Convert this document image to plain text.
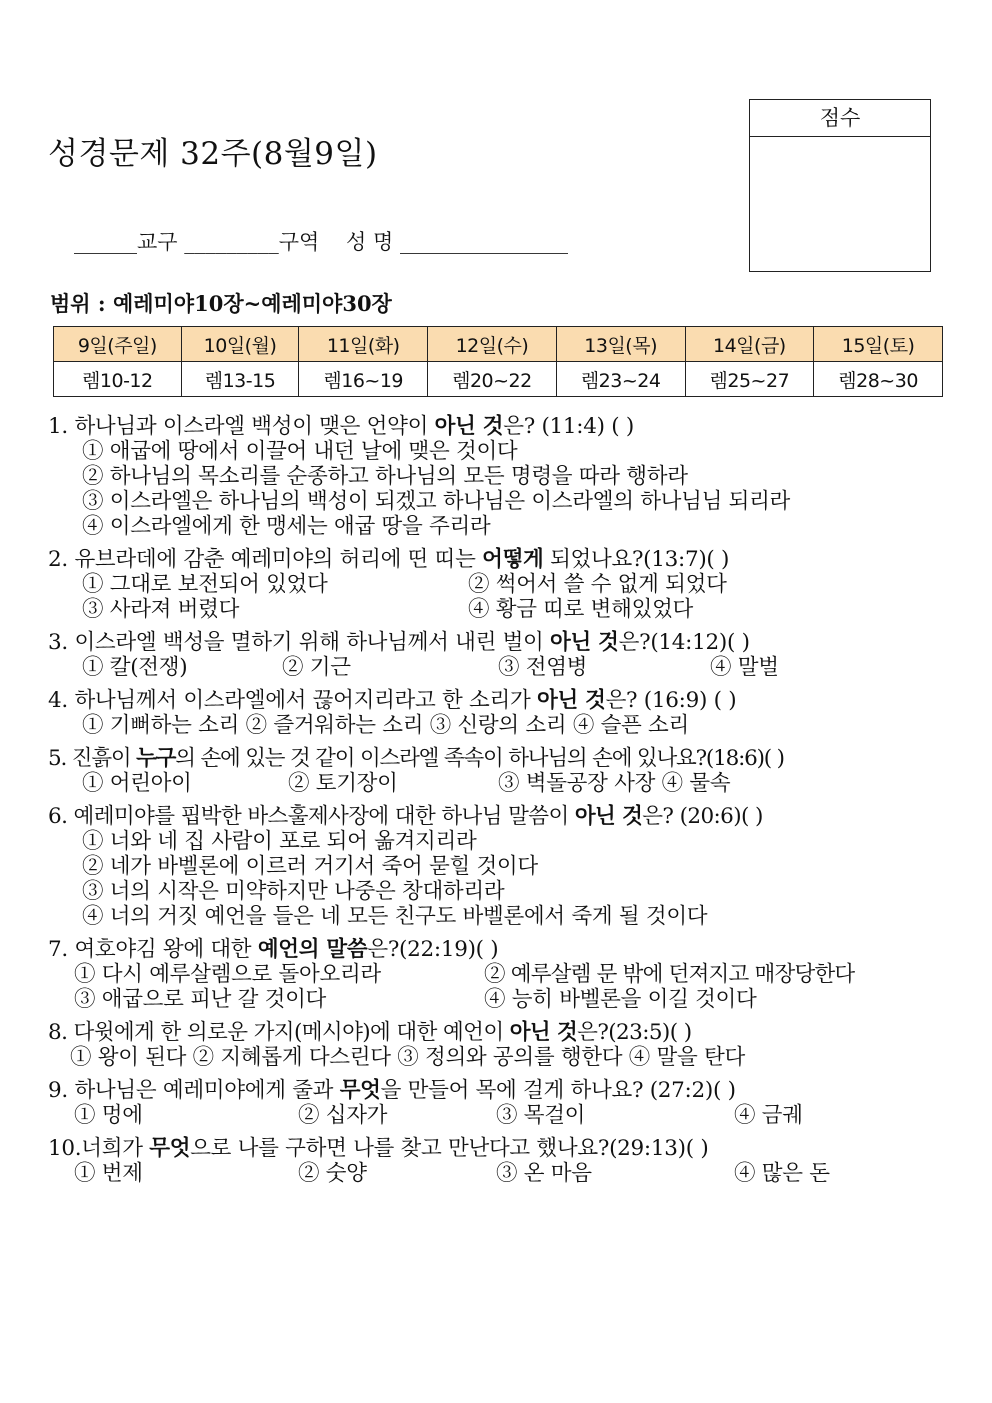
성경문제 32주(8월9일)
점수
______교구 _________구역    성 명 ________________
범위 : 예레미야10장~예레미야30장
9일(주일)	10일(월)	11일(화)	12일(수)	13일(목)	14일(금)	15일(토)
렘10-12	렘13-15	렘16~19	렘20~22	렘23~24	렘25~27	렘28~30
1. 하나님과 이스라엘 백성이 맺은 언약이 아닌 것은? (11:4) ( )
① 애굽에 땅에서 이끌어 내던 날에 맺은 것이다
② 하나님의 목소리를 순종하고 하나님의 모든 명령을 따라 행하라
③ 이스라엘은 하나님의 백성이 되겠고 하나님은 이스라엘의 하나님님 되리라
④ 이스라엘에게 한 맹세는 애굽 땅을 주리라
2. 유브라데에 감춘 예레미야의 허리에 띤 띠는 어떻게 되었나요?(13:7)( )
① 그대로 보전되어 있었다	② 썩어서 쓸 수 없게 되었다
③ 사라져 버렸다	④ 황금 띠로 변해있었다
3. 이스라엘 백성을 멸하기 위해 하나님께서 내린 벌이 아닌 것은?(14:12)( )
① 칼(전쟁)	② 기근	③ 전염병	④ 말벌
4. 하나님께서 이스라엘에서 끊어지리라고 한 소리가 아닌 것은? (16:9) ( )
① 기뻐하는 소리 ② 즐거워하는 소리 ③ 신랑의 소리 ④ 슬픈 소리
5. 진흙이 누구의 손에 있는 것 같이 이스라엘 족속이 하나님의 손에 있나요?(18:6)( )
① 어린아이	② 토기장이	③ 벽돌공장 사장 ④ 물속
6. 예레미야를 핍박한 바스훌제사장에 대한 하나님 말씀이 아닌 것은? (20:6)( )
① 너와 네 집 사람이 포로 되어 옮겨지리라
② 네가 바벨론에 이르러 거기서 죽어 묻힐 것이다
③ 너의 시작은 미약하지만 나중은 창대하리라
④ 너의 거짓 예언을 들은 네 모든 친구도 바벨론에서 죽게 될 것이다
7. 여호야김 왕에 대한 예언의 말씀은?(22:19)( )
① 다시 예루살렘으로 돌아오리라	② 예루살렘 문 밖에 던져지고 매장당한다
③ 애굽으로 피난 갈 것이다	④ 능히 바벨론을 이길 것이다
8. 다윗에게 한 의로운 가지(메시야)에 대한 예언이 아닌 것은?(23:5)( )
① 왕이 된다 ② 지혜롭게 다스린다 ③ 정의와 공의를 행한다 ④ 말을 탄다
9. 하나님은 예레미야에게 줄과 무엇을 만들어 목에 걸게 하나요? (27:2)( )
① 멍에	② 십자가	③ 목걸이	④ 금궤
10.너희가 무엇으로 나를 구하면 나를 찾고 만난다고 했나요?(29:13)( )
① 번제	② 숫양	③ 온 마음	④ 많은 돈
